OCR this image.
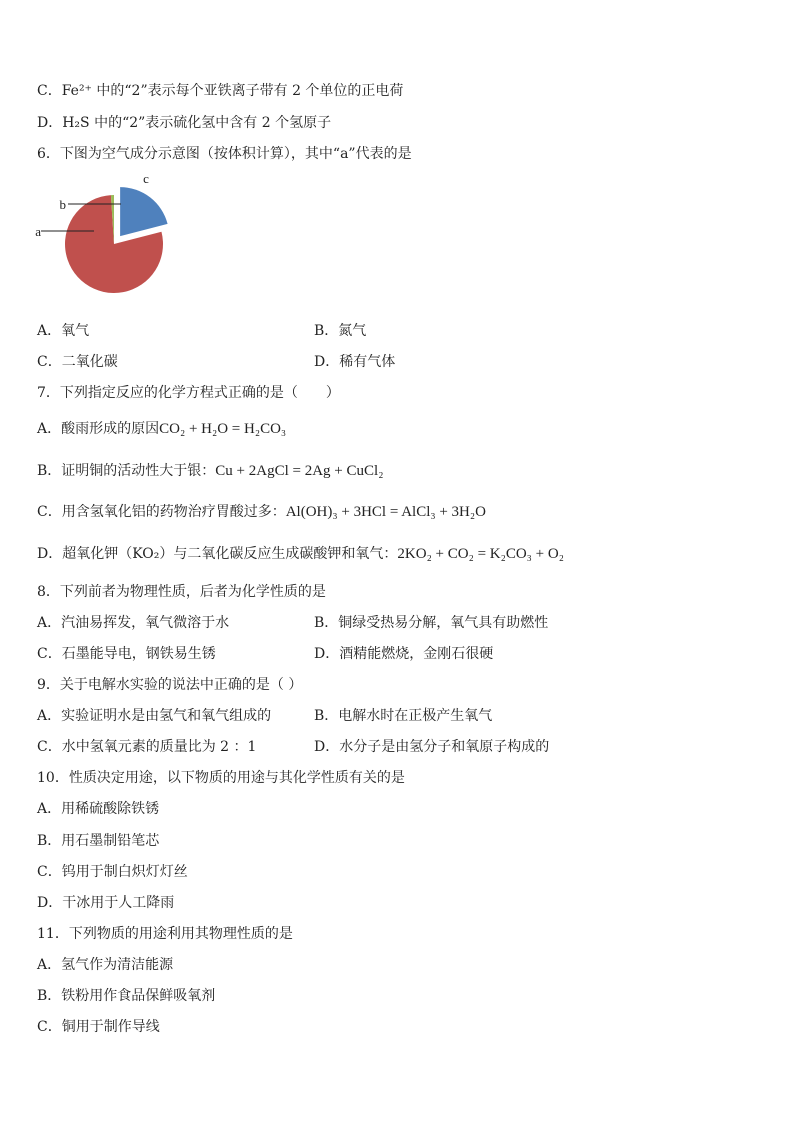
C．Fe²⁺ 中的“2”表示每个亚铁离子带有 2 个单位的正电荷
D．H₂S 中的“2”表示硫化氢中含有 2 个氢原子
6．下图为空气成分示意图（按体积计算），其中“a”代表的是
a
b
c
A．氧气	B．氮气
C．二氧化碳	D．稀有气体
7．下列指定反应的化学方程式正确的是（　　）
A．酸雨形成的原因CO₂ + H₂O = H₂CO₃
B．证明铜的活动性大于银：Cu + 2AgCl = 2Ag + CuCl₂
C．用含氢氧化铝的药物治疗胃酸过多：Al(OH)₃ + 3HCl = AlCl₃ + 3H₂O
D．超氧化钾（KO₂）与二氧化碳反应生成碳酸钾和氧气：2KO₂ + CO₂ = K₂CO₃ + O₂
8．下列前者为物理性质，后者为化学性质的是
A．汽油易挥发，氧气微溶于水	B．铜绿受热易分解，氧气具有助燃性
C．石墨能导电，钢铁易生锈	D．酒精能燃烧，金刚石很硬
9．关于电解水实验的说法中正确的是（ ）
A．实验证明水是由氢气和氧气组成的	B．电解水时在正极产生氧气
C．水中氢氧元素的质量比为 2 ：1	D．水分子是由氢分子和氧原子构成的
10．性质决定用途，以下物质的用途与其化学性质有关的是
A．用稀硫酸除铁锈
B．用石墨制铅笔芯
C．钨用于制白炽灯灯丝
D．干冰用于人工降雨
11．下列物质的用途利用其物理性质的是
A．氢气作为清洁能源
B．铁粉用作食品保鲜吸氧剂
C．铜用于制作导线
